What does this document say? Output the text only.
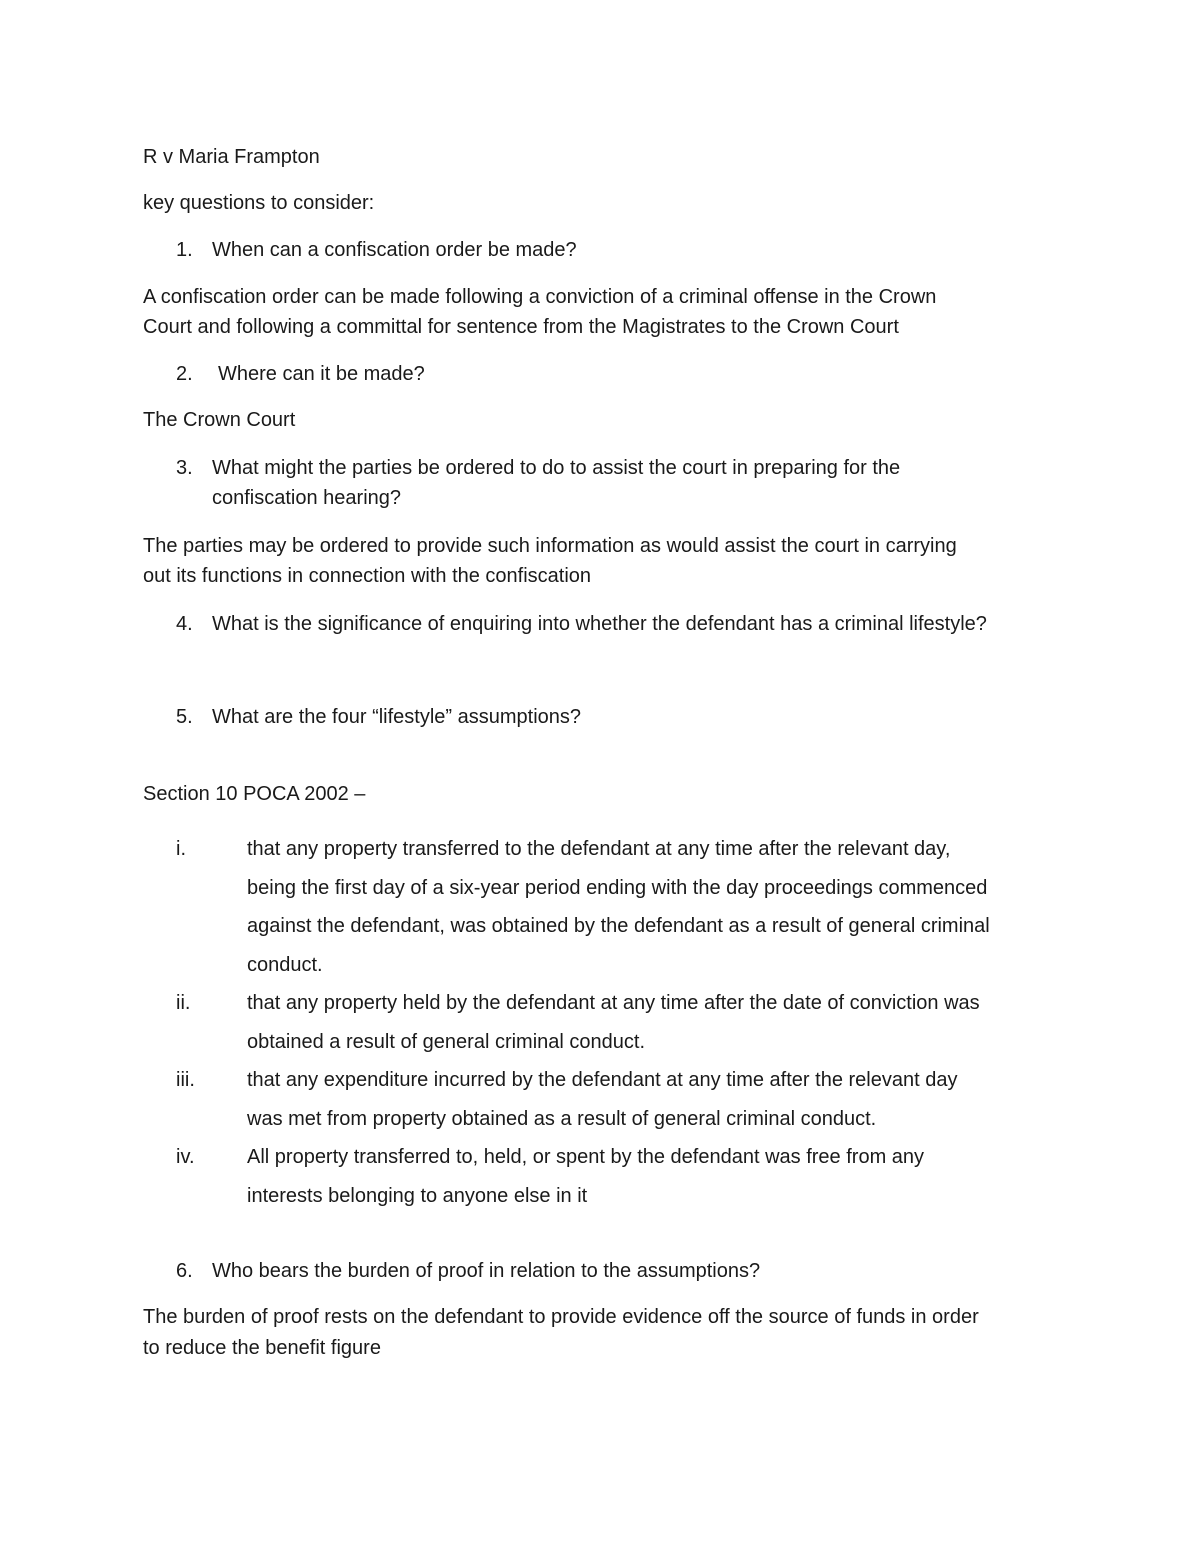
R v Maria Frampton

key questions to consider:

1. When can a confiscation order be made?

A confiscation order can be made following a conviction of a criminal offense in the Crown

Court and following a committal for sentence from the Magistrates to the Crown Court

2. Where can it be made?

The Crown Court

3. What might the parties be ordered to do to assist the court in preparing for the

confiscation hearing?

The parties may be ordered to provide such information as would assist the court in carrying

out its functions in connection with the confiscation

4. What is the significance of enquiring into whether the defendant has a criminal lifestyle?

5. What are the four “lifestyle” assumptions?

Section 10 POCA 2002 –

i.	that any property transferred to the defendant at any time after the relevant day,
being the first day of a six-year period ending with the day proceedings commenced
against the defendant, was obtained by the defendant as a result of general criminal
conduct.
ii.	that any property held by the defendant at any time after the date of conviction was
obtained a result of general criminal conduct.
iii.	that any expenditure incurred by the defendant at any time after the relevant day
was met from property obtained as a result of general criminal conduct.
iv.	All property transferred to, held, or spent by the defendant was free from any
interests belonging to anyone else in it
6. Who bears the burden of proof in relation to the assumptions?

The burden of proof rests on the defendant to provide evidence off the source of funds in order

to reduce the benefit figure
